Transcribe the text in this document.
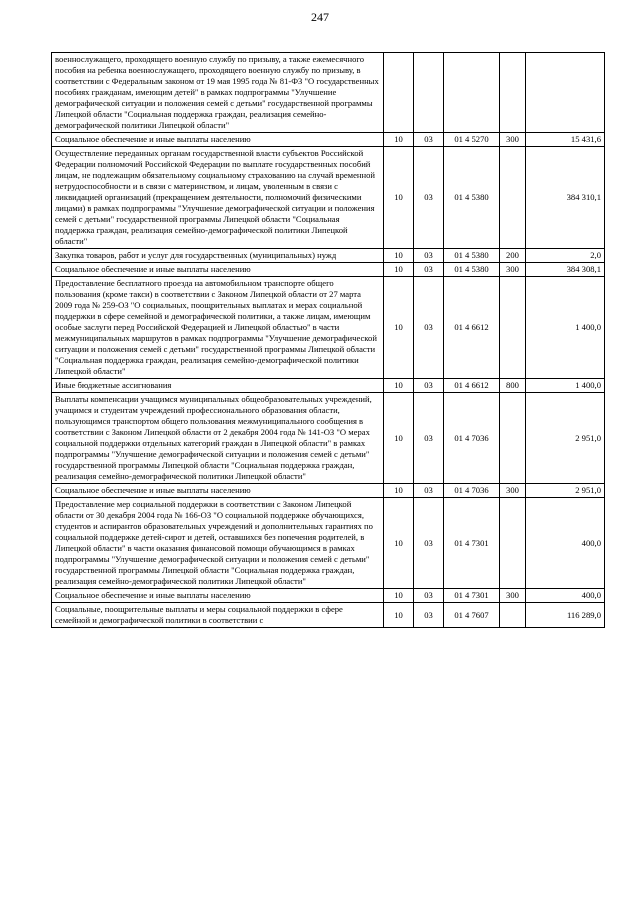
247
военнослужащего, проходящего военную службу по призыву, а также ежемесячного пособия на ребенка военнослужащего, проходящего военную службу по призыву, в соответствии с Федеральным законом от 19 мая 1995 года № 81-ФЗ "О государственных пособиях гражданам, имеющим детей" в рамках подпрограммы "Улучшение демографической ситуации и положения семей с детьми" государственной программы Липецкой области "Социальная поддержка граждан, реализация семейно-демографической политики Липецкой области"					
Социальное обеспечение и иные выплаты населению	10	03	01 4 5270	300	15 431,6
Осуществление переданных органам государственной власти субъектов Российской Федерации полномочий Российской Федерации по выплате государственных пособий лицам, не подлежащим обязательному социальному страхованию на случай временной нетрудоспособности и в связи с материнством, и лицам, уволенным в связи с ликвидацией организаций (прекращением деятельности, полномочий физическими лицами) в рамках подпрограммы "Улучшение демографической ситуации и положения семей с детьми" государственной программы Липецкой области "Социальная поддержка граждан, реализация семейно-демографической политики Липецкой области"	10	03	01 4 5380		384 310,1
Закупка товаров, работ и услуг для государственных (муниципальных) нужд	10	03	01 4 5380	200	2,0
Социальное обеспечение и иные выплаты населению	10	03	01 4 5380	300	384 308,1
Предоставление бесплатного проезда на автомобильном транспорте общего пользования (кроме такси) в соответствии с Законом Липецкой области от 27 марта 2009 года № 259-ОЗ "О социальных, поощрительных выплатах и мерах социальной поддержки в сфере семейной и демографической политики, а также лицам, имеющим особые заслуги перед Российской Федерацией и Липецкой областью" в части межмуниципальных маршрутов в рамках подпрограммы "Улучшение демографической ситуации и положения семей с детьми" государственной программы Липецкой области "Социальная поддержка граждан, реализация семейно-демографической политики Липецкой области"	10	03	01 4 6612		1 400,0
Иные бюджетные ассигнования	10	03	01 4 6612	800	1 400,0
Выплаты компенсации учащимся муниципальных общеобразовательных учреждений, учащимся и студентам учреждений профессионального образования области, пользующимся транспортом общего пользования межмуниципального сообщения в соответствии с Законом Липецкой области от 2 декабря 2004 года № 141-ОЗ "О мерах социальной поддержки отдельных категорий граждан в Липецкой области" в рамках подпрограммы "Улучшение демографической ситуации и положения семей с детьми" государственной программы Липецкой области "Социальная поддержка граждан, реализация семейно-демографической политики Липецкой области"	10	03	01 4 7036		2 951,0
Социальное обеспечение и иные выплаты населению	10	03	01 4 7036	300	2 951,0
Предоставление мер социальной поддержки в соответствии с Законом Липецкой области от 30 декабря 2004 года № 166-ОЗ "О социальной поддержке обучающихся, студентов и аспирантов образовательных учреждений и дополнительных гарантиях по социальной поддержке детей-сирот и детей, оставшихся без попечения родителей, в Липецкой области" в части оказания финансовой помощи обучающимся в рамках подпрограммы "Улучшение демографической ситуации и положения семей с детьми" государственной программы Липецкой области "Социальная поддержка граждан, реализация семейно-демографической политики Липецкой области"	10	03	01 4 7301		400,0
Социальное обеспечение и иные выплаты населению	10	03	01 4 7301	300	400,0
Социальные, поощрительные выплаты и меры социальной поддержки в сфере семейной и демографической политики в соответствии с	10	03	01 4 7607		116 289,0
